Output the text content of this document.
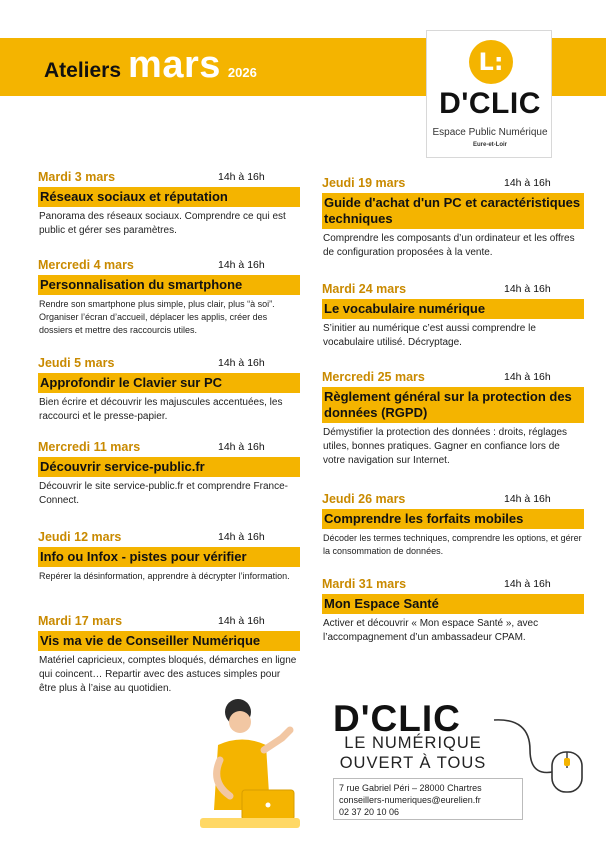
Ateliers mars 2026	L:
D'CLIC
Espace Public Numérique
Eure-et-Loir
Mardi 3 mars	14h à 16h
Réseaux sociaux et réputation
Panorama des réseaux sociaux. Comprendre ce qui est public et gérer ses paramètres.
Mercredi 4 mars	14h à 16h
Personnalisation du smartphone
Rendre son smartphone plus simple, plus clair, plus “à soi”. Organiser l’écran d’accueil, déplacer les applis, créer des dossiers et mettre des raccourcis utiles.
Jeudi 5 mars	14h à 16h
Approfondir le Clavier sur PC
Bien écrire et découvrir les majuscules accentuées, les raccourci et le presse-papier.
Mercredi 11 mars	14h à 16h
Découvrir service-public.fr
Découvrir le site service-public.fr et comprendre France-Connect.
Jeudi 12 mars	14h à 16h
Info ou Infox - pistes pour vérifier
Repérer la désinformation, apprendre à décrypter l’information.
Mardi 17 mars	14h à 16h
Vis ma vie de Conseiller Numérique
Matériel capricieux, comptes bloqués, démarches en ligne qui coincent… Repartir avec des astuces simples pour être plus à l’aise au quotidien.
Jeudi 19 mars	14h à 16h
Guide d'achat d'un PC et caractéristiques techniques
Comprendre les composants d’un ordinateur et les offres de configuration proposées à la vente.
Mardi 24 mars	14h à 16h
Le vocabulaire numérique
S’initier au numérique c’est aussi comprendre le vocabulaire utilisé. Décryptage.
Mercredi 25 mars	14h à 16h
Règlement général sur la protection des données (RGPD)
Démystifier la protection des données : droits, réglages utiles, bonnes pratiques. Gagner en confiance lors de votre navigation sur Internet.
Jeudi 26 mars	14h à 16h
Comprendre les forfaits mobiles
Décoder les termes techniques, comprendre les options, et gérer la consommation de données.
Mardi 31 mars	14h à 16h
Mon Espace Santé
Activer et découvrir « Mon espace Santé », avec l’accompagnement d’un ambassadeur CPAM.
D'CLIC
LE NUMÉRIQUE
OUVERT À TOUS
7 rue Gabriel Péri – 28000 Chartres
conseillers-numeriques@eurelien.fr
02 37 20 10 06
